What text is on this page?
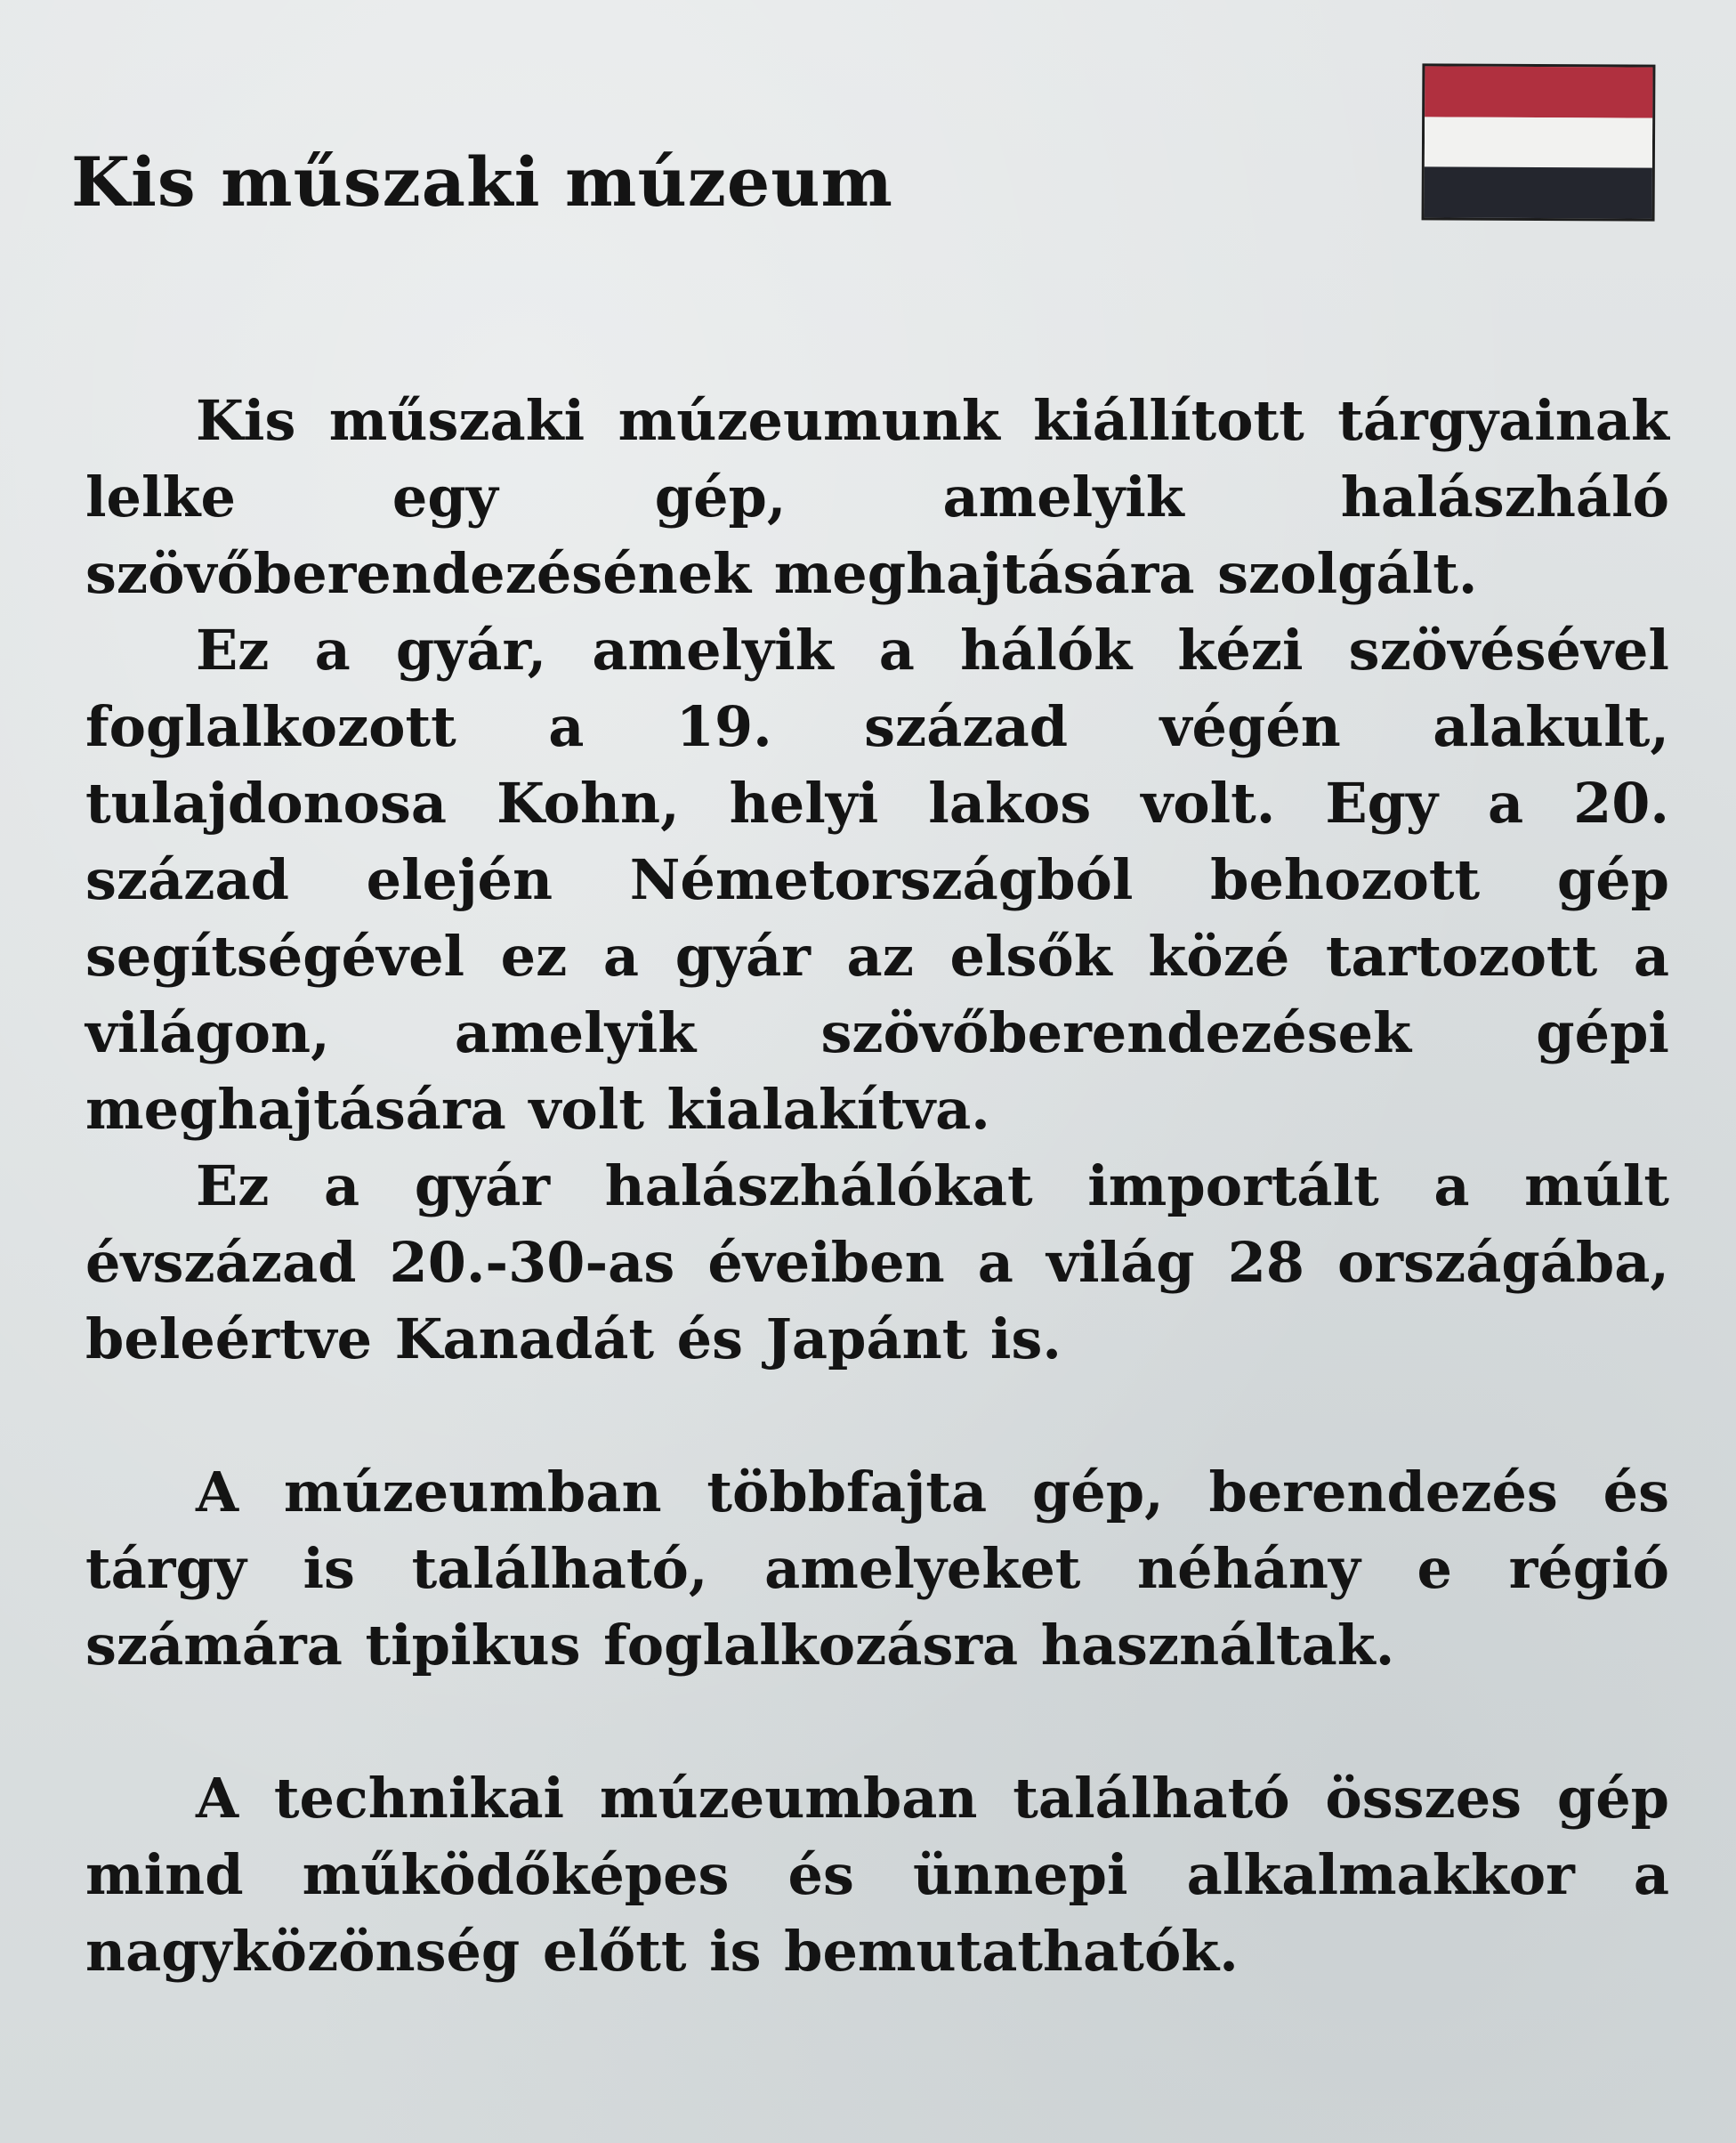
Kis műszaki múzeum

Kis műszaki múzeumunk kiállított tárgyainak lelke egy gép, amelyik halászháló szövőberendezésének meghajtására szolgált.

Ez a gyár, amelyik a hálók kézi szövésével foglalkozott a 19. század végén alakult, tulajdonosa Kohn, helyi lakos volt. Egy a 20. század elején Németországból behozott gép segítségével ez a gyár az elsők közé tartozott a világon, amelyik szövőberendezések gépi meghajtására volt kialakítva.

Ez a gyár halászhálókat importált a múlt évszázad 20.-30-as éveiben a világ 28 országába, beleértve Kanadát és Japánt is.

A múzeumban többfajta gép, berendezés és tárgy is található, amelyeket néhány e régió számára tipikus foglalkozásra használtak.

A technikai múzeumban található összes gép mind működőképes és ünnepi alkalmakkor a nagyközönség előtt is bemutathatók.
